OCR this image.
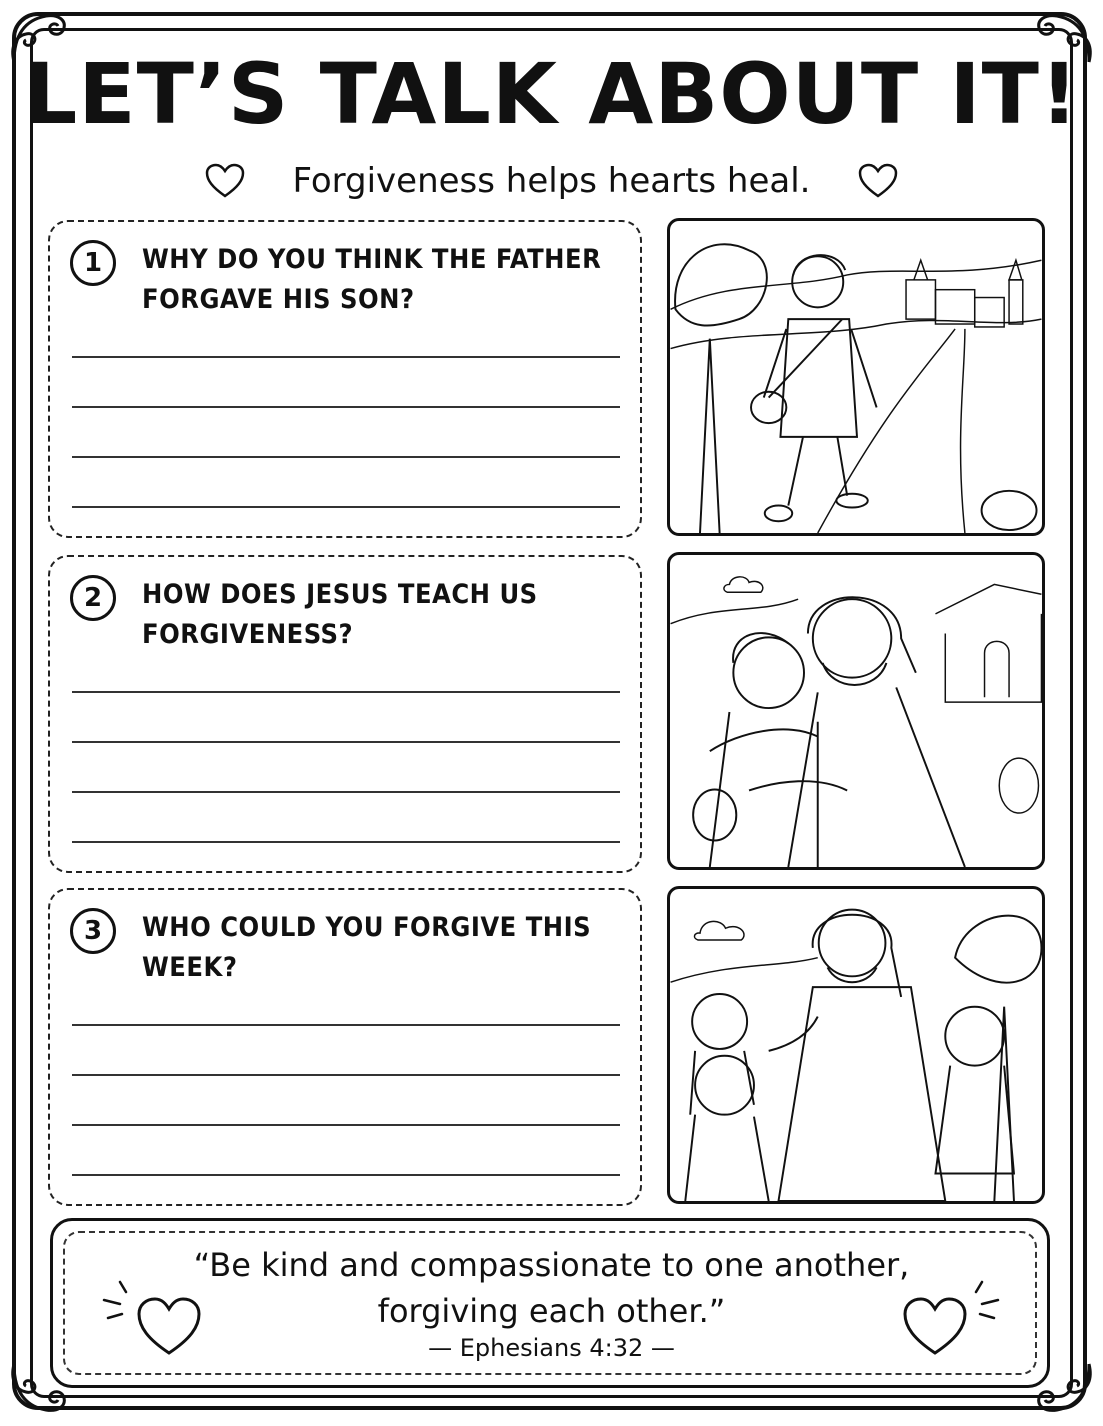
LET’S TALK ABOUT IT!
Forgiveness helps hearts heal.
1	WHY DO YOU THINK THE FATHER FORGAVE HIS SON?
2	HOW DOES JESUS TEACH US FORGIVENESS?
3	WHO COULD YOU FORGIVE THIS WEEK?
“Be kind and compassionate to one another,
forgiving each other.”
— Ephesians 4:32 —
